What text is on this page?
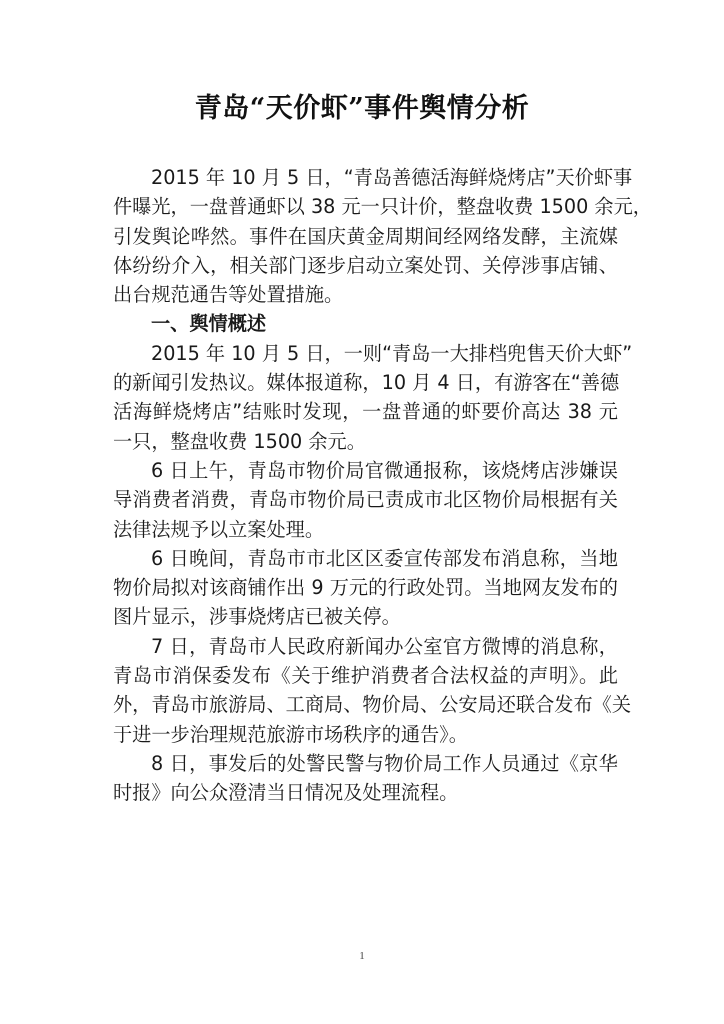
青岛“天价虾”事件舆情分析
2015 年 10 月 5 日，“青岛善德活海鲜烧烤店”天价虾事
件曝光，一盘普通虾以 38 元一只计价，整盘收费 1500 余元，
引发舆论哗然。事件在国庆黄金周期间经网络发酵，主流媒
体纷纷介入，相关部门逐步启动立案处罚、关停涉事店铺、
出台规范通告等处置措施。
一、舆情概述
2015 年 10 月 5 日，一则“青岛一大排档兜售天价大虾”
的新闻引发热议。媒体报道称，10 月 4 日，有游客在“善德
活海鲜烧烤店”结账时发现，一盘普通的虾要价高达 38 元
一只，整盘收费 1500 余元。
6 日上午，青岛市物价局官微通报称，该烧烤店涉嫌误
导消费者消费，青岛市物价局已责成市北区物价局根据有关
法律法规予以立案处理。
6 日晚间，青岛市市北区区委宣传部发布消息称，当地
物价局拟对该商铺作出 9 万元的行政处罚。当地网友发布的
图片显示，涉事烧烤店已被关停。
7 日，青岛市人民政府新闻办公室官方微博的消息称，
青岛市消保委发布《关于维护消费者合法权益的声明》。此
外，青岛市旅游局、工商局、物价局、公安局还联合发布《关
于进一步治理规范旅游市场秩序的通告》。
8 日，事发后的处警民警与物价局工作人员通过《京华
时报》向公众澄清当日情况及处理流程。
1
